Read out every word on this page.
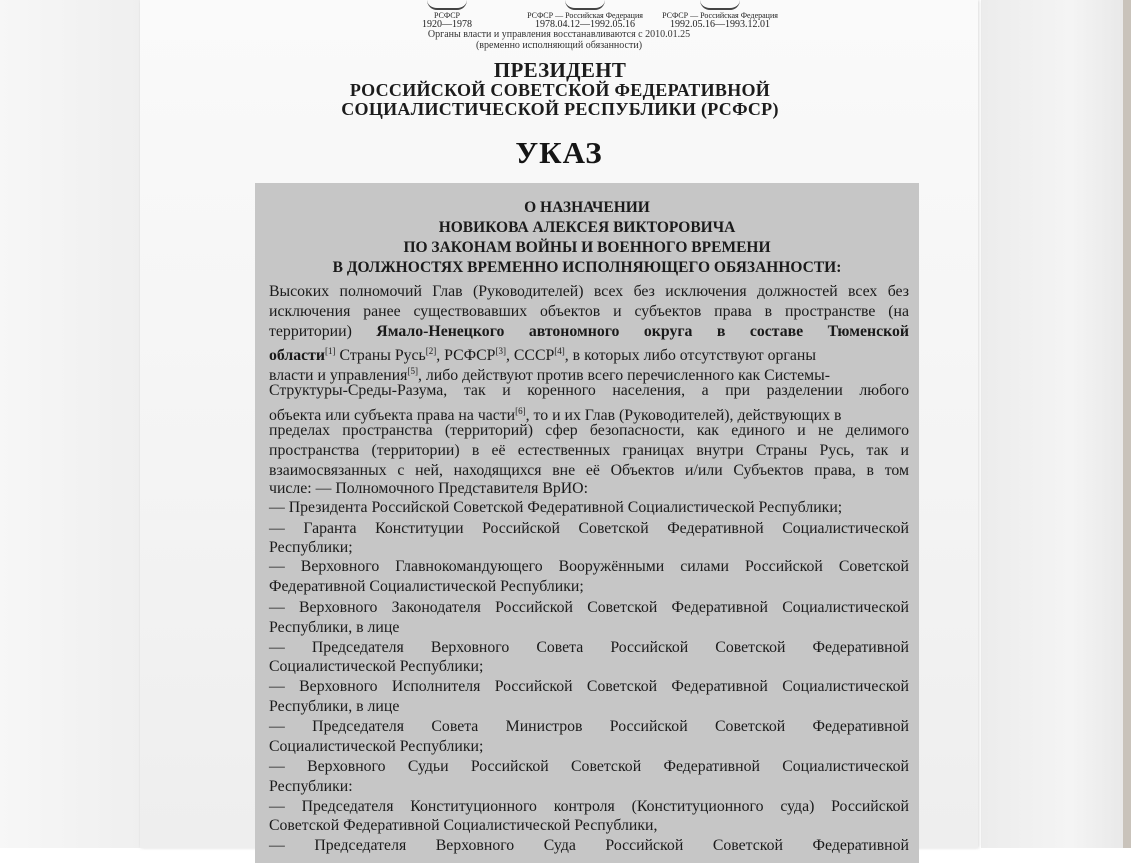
РСФСР
1920—1978
РСФСР — Российская Федерация
1978.04.12—1992.05.16
РСФСР — Российская Федерация
1992.05.16—1993.12.01
Органы власти и управления восстанавливаются с 2010.01.25
(временно исполняющий обязанности)
ПРЕЗИДЕНТ
РОССИЙСКОЙ СОВЕТСКОЙ ФЕДЕРАТИВНОЙ
СОЦИАЛИСТИЧЕСКОЙ РЕСПУБЛИКИ (РСФСР)
УКАЗ
О НАЗНАЧЕНИИ
НОВИКОВА АЛЕКСЕЯ ВИКТОРОВИЧА
ПО ЗАКОНАМ ВОЙНЫ И ВОЕННОГО ВРЕМЕНИ
В ДОЛЖНОСТЯХ ВРЕМЕННО ИСПОЛНЯЮЩЕГО ОБЯЗАННОСТИ:
Высоких полномочий Глав (Руководителей) всех без исключения должностей всех без
исключения ранее существовавших объектов и субъектов права в пространстве (на
территории) Ямало-Ненецкого автономного округа в составе Тюменской
области[1] Страны Русь[2], РСФСР[3], СССР[4], в которых либо отсутствуют органы
власти и управления[5], либо действуют против всего перечисленного как Системы-
Структуры-Среды-Разума, так и коренного населения, а при разделении любого
объекта или субъекта права на части[6], то и их Глав (Руководителей), действующих в
пределах пространства (территорий) сфер безопасности, как единого и не делимого
пространства (территории) в её естественных границах внутри Страны Русь, так и
взаимосвязанных с ней, находящихся вне её Объектов и/или Субъектов права, в том
числе: — Полномочного Представителя ВрИО:
— Президента Российской Советской Федеративной Социалистической Республики;
— Гаранта Конституции Российской Советской Федеративной Социалистической
Республики;
— Верховного Главнокомандующего Вооружёнными силами Российской Советской
Федеративной Социалистической Республики;
— Верховного Законодателя Российской Советской Федеративной Социалистической
Республики, в лице
— Председателя Верховного Совета Российской Советской Федеративной
Социалистической Республики;
— Верховного Исполнителя Российской Советской Федеративной Социалистической
Республики, в лице
— Председателя Совета Министров Российской Советской Федеративной
Социалистической Республики;
— Верховного Судьи Российской Советской Федеративной Социалистической
Республики:
— Председателя Конституционного контроля (Конституционного суда) Российской
Советской Федеративной Социалистической Республики,
— Председателя Верховного Суда Российской Советской Федеративной
